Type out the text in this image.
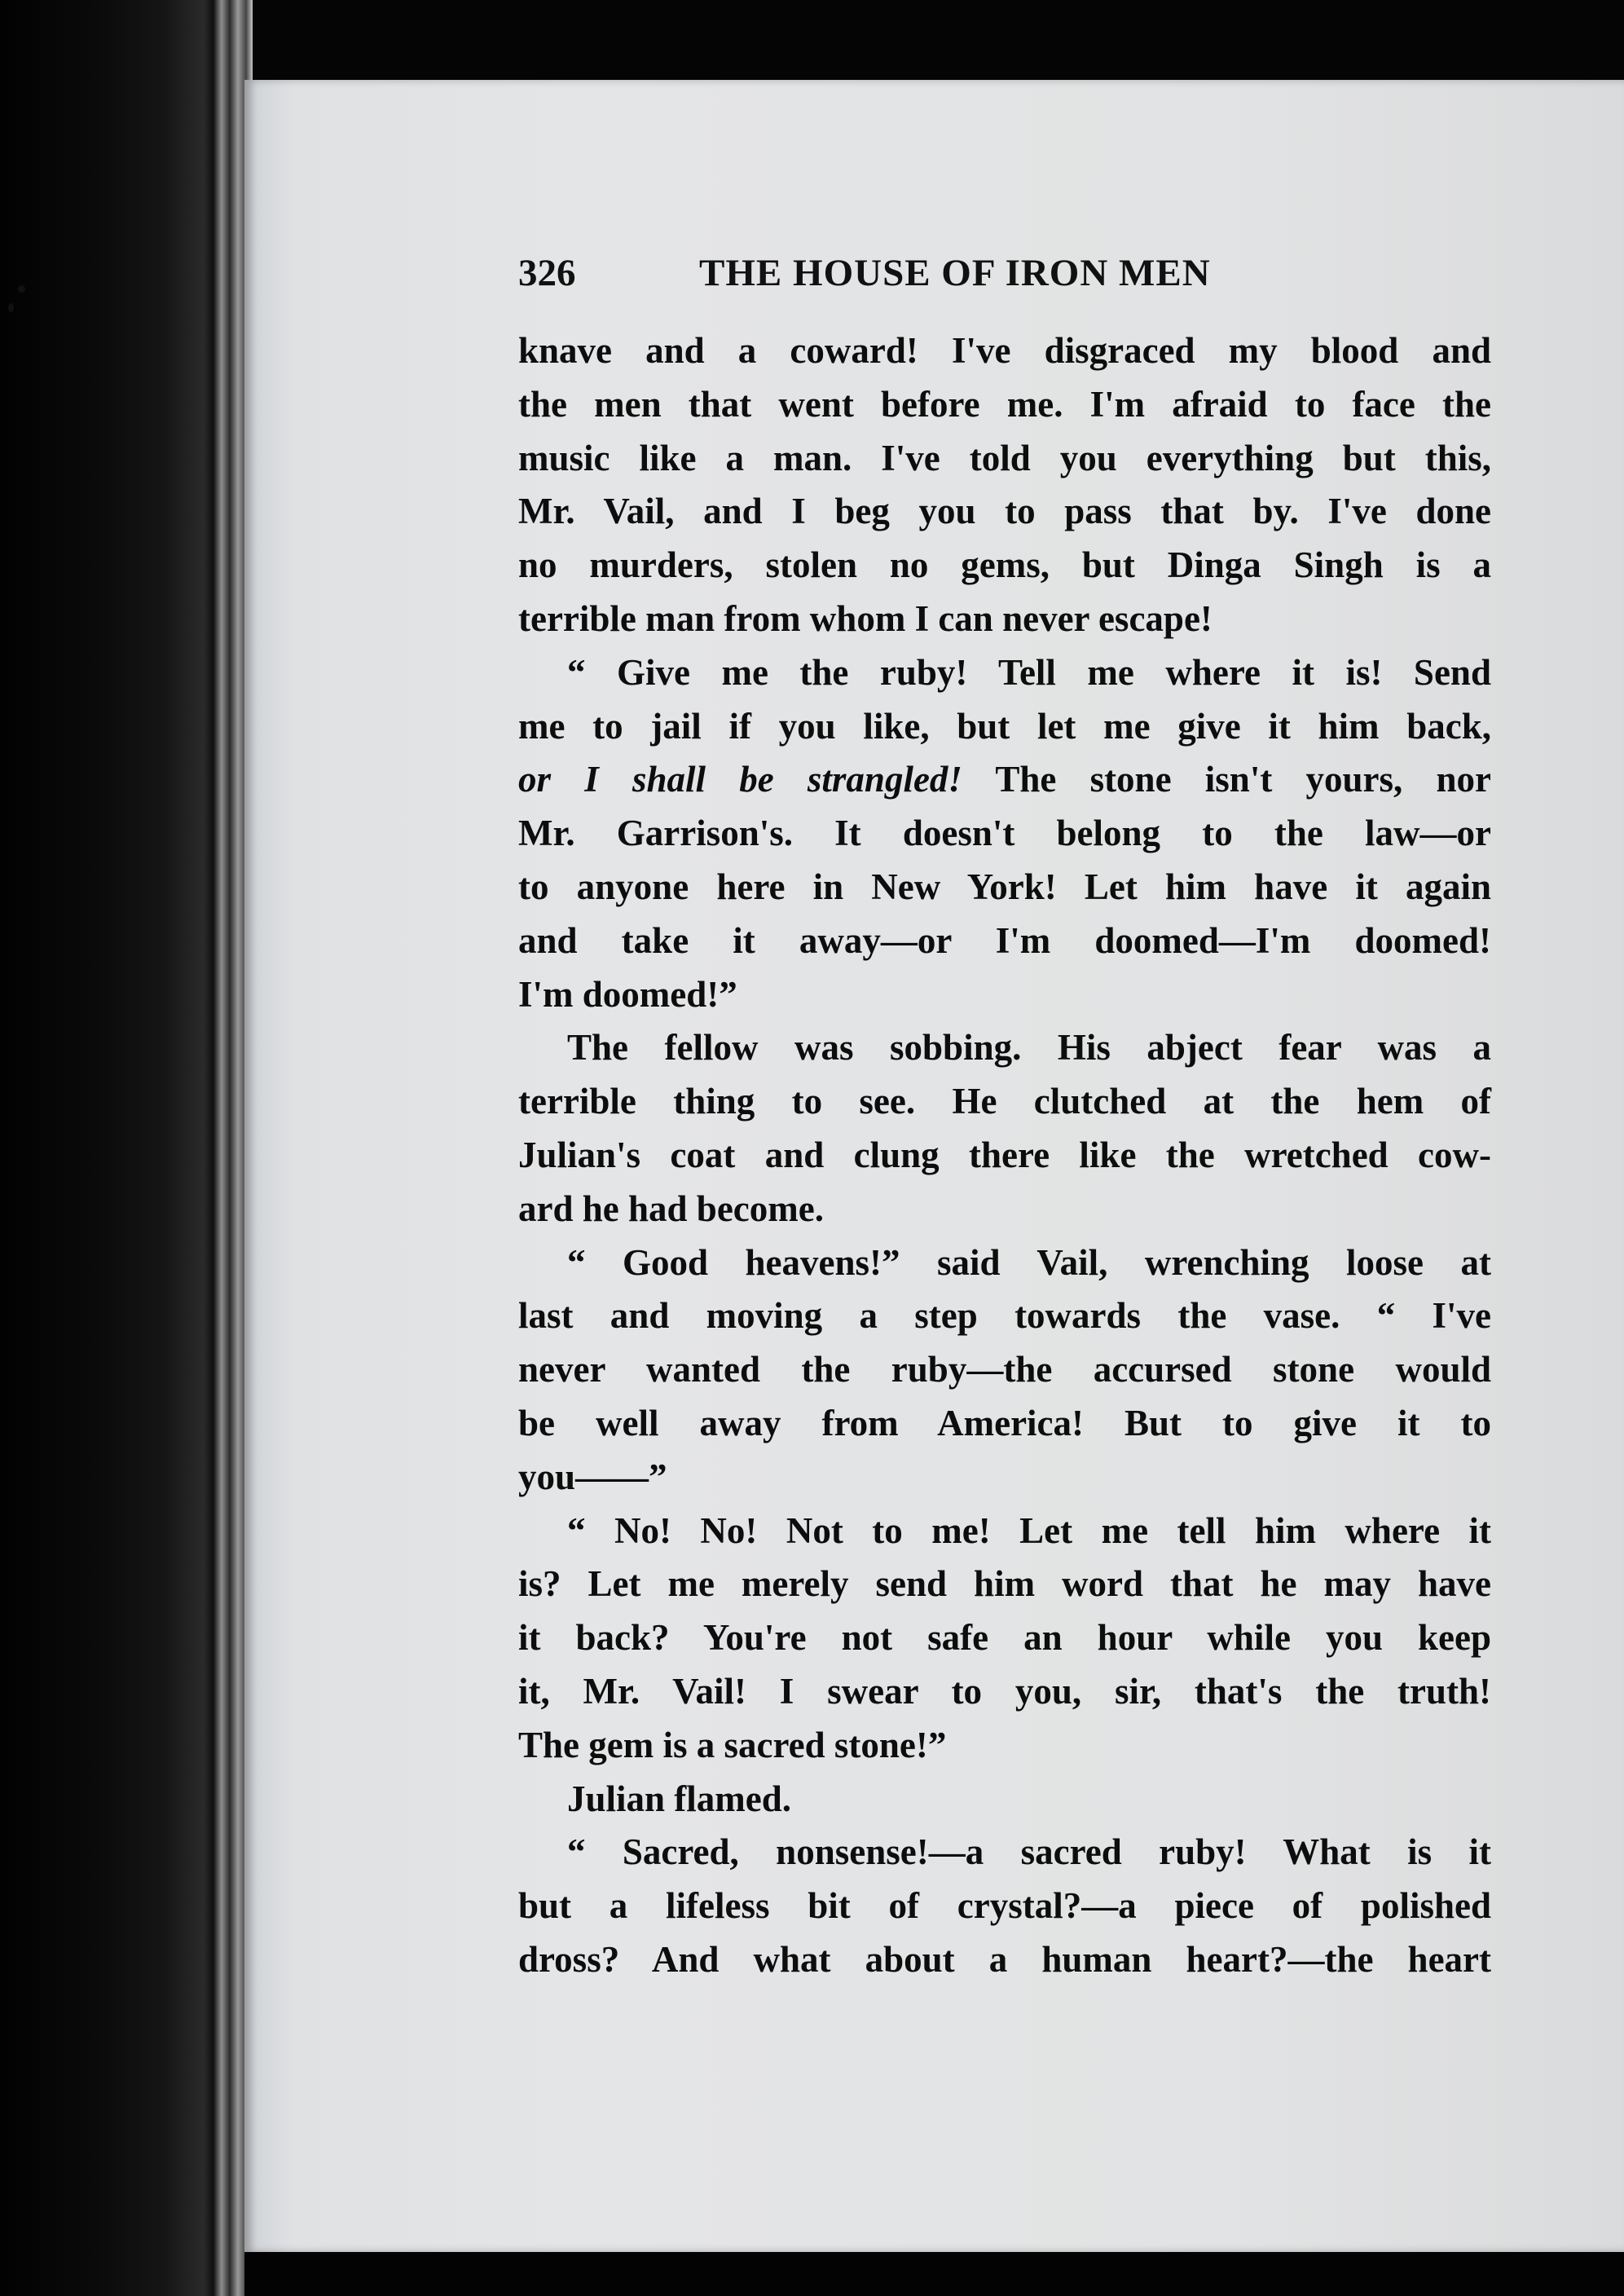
326	THE HOUSE OF IRON MEN
knave and a coward! I've disgraced my blood and
the men that went before me. I'm afraid to face the
music like a man. I've told you everything but this,
Mr. Vail, and I beg you to pass that by. I've done
no murders, stolen no gems, but Dinga Singh is a
terrible man from whom I can never escape!
“ Give me the ruby! Tell me where it is! Send
me to jail if you like, but let me give it him back,
or I shall be strangled! The stone isn't yours, nor
Mr. Garrison's. It doesn't belong to the law—or
to anyone here in New York! Let him have it again
and take it away—or I'm doomed—I'm doomed!
I'm doomed!”
The fellow was sobbing. His abject fear was a
terrible thing to see. He clutched at the hem of
Julian's coat and clung there like the wretched cow-
ard he had become.
“ Good heavens!” said Vail, wrenching loose at
last and moving a step towards the vase. “ I've
never wanted the ruby—the accursed stone would
be well away from America! But to give it to
you——”
“ No! No! Not to me! Let me tell him where it
is? Let me merely send him word that he may have
it back? You're not safe an hour while you keep
it, Mr. Vail! I swear to you, sir, that's the truth!
The gem is a sacred stone!”
Julian flamed.
“ Sacred, nonsense!—a sacred ruby! What is it
but a lifeless bit of crystal?—a piece of polished
dross? And what about a human heart?—the heart
